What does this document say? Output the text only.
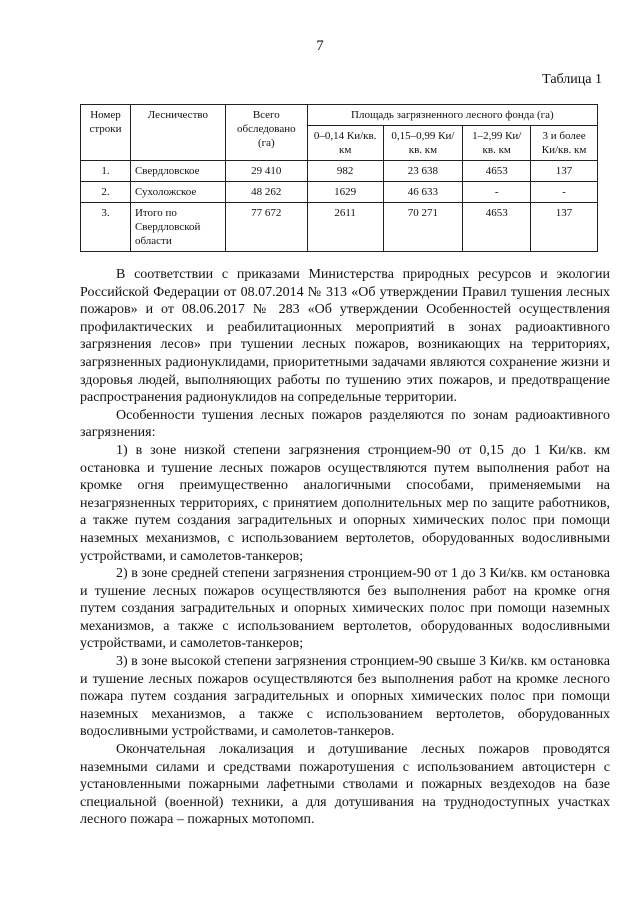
7
Таблица 1
Номер строки	Лесничество	Всего обследовано (га)	Площадь загрязненного лесного фонда (га)			
			0–0,14 Ки/кв. км	0,15–0,99 Ки/кв. км	1–2,99 Ки/кв. км	3 и более Ки/кв. км
1.	Свердловское	29 410	982	23 638	4653	137
2.	Сухоложское	48 262	1629	46 633	-	-
3.	Итого по Свердловской области	77 672	2611	70 271	4653	137

В соответствии с приказами Министерства природных ресурсов и экологии Российской Федерации от 08.07.2014 № 313 «Об утверждении Правил тушения лесных пожаров» и от 08.06.2017 № 283 «Об утверждении Особенностей осуществления профилактических и реабилитационных мероприятий в зонах радиоактивного загрязнения лесов» при тушении лесных пожаров, возникающих на территориях, загрязненных радионуклидами, приоритетными задачами являются сохранение жизни и здоровья людей, выполняющих работы по тушению этих пожаров, и предотвращение распространения радионуклидов на сопредельные территории.

Особенности тушения лесных пожаров разделяются по зонам радиоактивного загрязнения:

1) в зоне низкой степени загрязнения стронцием-90 от 0,15 до 1 Ки/кв. км остановка и тушение лесных пожаров осуществляются путем выполнения работ на кромке огня преимущественно аналогичными способами, применяемыми на незагрязненных территориях, с принятием дополнительных мер по защите работников, а также путем создания заградительных и опорных химических полос при помощи наземных механизмов, с использованием вертолетов, оборудованных водосливными устройствами, и самолетов-танкеров;

2) в зоне средней степени загрязнения стронцием-90 от 1 до 3 Ки/кв. км остановка и тушение лесных пожаров осуществляются без выполнения работ на кромке огня путем создания заградительных и опорных химических полос при помощи наземных механизмов, а также с использованием вертолетов, оборудованных водосливными устройствами, и самолетов-танкеров;

3) в зоне высокой степени загрязнения стронцием-90 свыше 3 Ки/кв. км остановка и тушение лесных пожаров осуществляются без выполнения работ на кромке лесного пожара путем создания заградительных и опорных химических полос при помощи наземных механизмов, а также с использованием вертолетов, оборудованных водосливными устройствами, и самолетов-танкеров.

Окончательная локализация и дотушивание лесных пожаров проводятся наземными силами и средствами пожаротушения с использованием автоцистерн с установленными пожарными лафетными стволами и пожарных вездеходов на базе специальной (военной) техники, а для дотушивания на труднодоступных участках лесного пожара – пожарных мотопомп.
